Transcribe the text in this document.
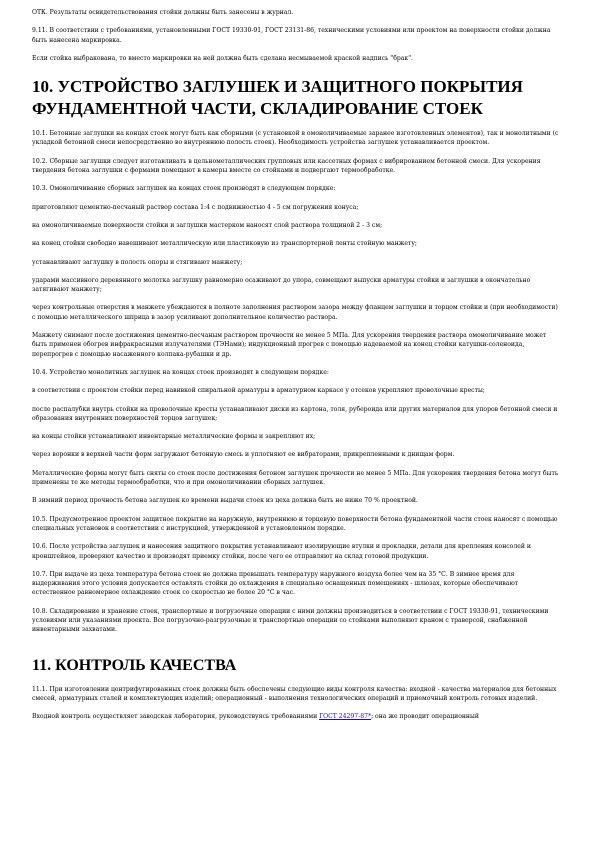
ОТК. Результаты освидетельствования стойки должны быть занесены в журнал.

9.11. В соответствии с требованиями, установленными ГОСТ 19330-91, ГОСТ 23131-86, техническими условиями или проектом на поверхности стойки должна быть нанесена маркировка.

Если стойка выбракована, то вместо маркировки на ней должна быть сделана несмываемой краской надпись "брак".

10. УСТРОЙСТВО ЗАГЛУШЕК И ЗАЩИТНОГО ПОКРЫТИЯ ФУНДАМЕНТНОЙ ЧАСТИ, СКЛАДИРОВАНИЕ СТОЕК

10.1. Бетонные заглушки на концах стоек могут быть как сборными (с установкой в омоноличиваемые заранее изготовленных элементов), так и монолитными (с укладкой бетонной смеси непосредственно во внутреннюю полость стоек). Необходимость устройства заглушек устанавливается проектом.

10.2. Сборные заглушки следует изготавливать в цельнометаллических групповых или кассетных формах с вибрированием бетонной смеси. Для ускорения твердения бетона заглушки с формами помещают в камеры вместе со стойками и подвергают термообработке.

10.3. Омоноличивание сборных заглушек на концах стоек производят в следующем порядке:

приготовляют цементно-песчаный раствор состава 1:4 с подвижностью 4 - 5 см погружения конуса;

на омоноличиваемые поверхности стойки и заглушки мастерком наносят слой раствора толщиной 2 - 3 см;

на конец стойки свободно навешивают металлическую или пластиковую из транспортерной ленты стойную манжету;

устанавливают заглушку в полость опоры и стягивают манжету;

ударами массивного деревянного молотка заглушку равномерно осаживают до упора, совмещают выпуски арматуры стойки и заглушки в окончательно затягивают манжету;

через контрольные отверстия в манжете убеждаются в полноте заполнения раствором зазора между фланцем заглушки и торцом стойки и (при необходимости) с помощью металлического шприца в зазор усиливают дополнительное количество раствора.

Манжету снимают после достижения цементно-песчаным раствором прочности не менее 5 МПа. Для ускорения твердения раствора омоноличивание может быть применен обогрев инфракрасными излучателями (ТЭНами); индукционный прогрев с помощью надеваемой на конец стойки катушки-соленоида, перепрогрев с помощью насаженного колпака-рубашки и др.

10.4. Устройство монолитных заглушек на концах стоек производят в следующем порядке:

в соответствии с проектом стойки перед навивкой спиральной арматуры в арматурном каркасе у отсеков укрепляют проволочные кресты;

после распалубки внутрь стойки на проволочные кресты устанавливают диски из картона, толя, рубероида или других материалов для упоров бетонной смеси и образования внутренних поверхностей торцов заглушек;

на концы стойки устанавливают инвентарные металлические формы и закрепляют их;

через воронки в верхней части форм загружают бетонную смесь и уплотняют ее вибраторами, прикрепленными к днищам форм.

Металлические формы могут быть сняты со стоек после достижения бетоном заглушек прочности не менее 5 МПа. Для ускорения твердения бетона могут быть применены те же методы термообработки, что и при омоноличивании сборных заглушек.

В зимний период прочность бетона заглушек ко времени выдачи стоек из цеха должна быть не ниже 70 % проектной.

10.5. Предусмотренное проектом защитное покрытие на наружную, внутреннюю и торцевую поверхности бетона фундаментной части стоек наносят с помощью специальных установок в соответствии с инструкцией, утвержденной в установленном порядке.

10.6. После устройства заглушек и нанесения защитного покрытия устанавливают изолирующие втулки и прокладки, детали для крепления консолей и кронштейнов, проверяют качество и производят приемку стойки, после чего ее отправляют на склад готовой продукции.

10.7. При выдаче из цеха температура бетона стоек не должна превышать температуру наружного воздуха более чем на 35 °С. В зимнее время для выдерживания этого условия допускается оставлять стойки до охлаждения в специально оснащенных помещениях - шлюзах, которые обеспечивают естественное равномерное охлаждение стоек со скоростью не более 20 °С в час.

10.8. Складирование и хранение стоек, транспортные и погрузочные операции с ними должны производиться в соответствии с ГОСТ 19330-91, техническими условиями или указаниями проекта. Все погрузочно-разгрузочные и транспортные операции со стойками выполняют краном с траверсой, снабженной инвентарными захватами.

11. КОНТРОЛЬ КАЧЕСТВА

11.1. При изготовлении центрифугированных стоек должны быть обеспечены следующие виды контроля качества: входной - качества материалов для бетонных смесей, арматурных сталей и комплектующих изделий; операционный - выполнения технологических операций и приемочный контроль готовых изделий.

Входной контроль осуществляет заводская лаборатория, руководствуясь требованиями ГОСТ 24297-87*; она же проводит операционный
